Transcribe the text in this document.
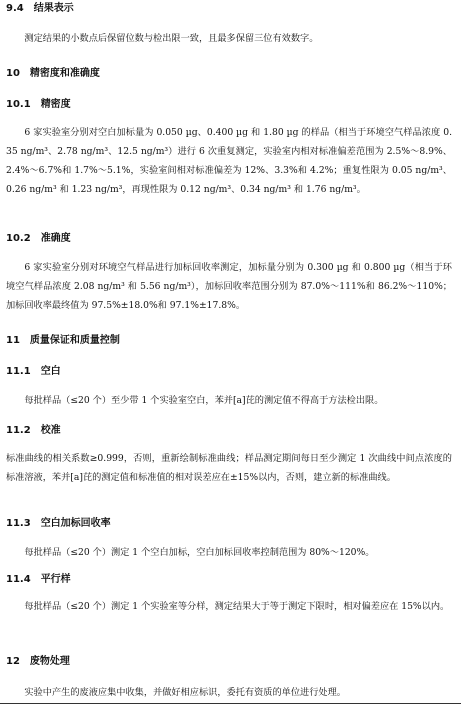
9.4 结果表示

测定结果的小数点后保留位数与检出限一致，且最多保留三位有效数字。

10 精密度和准确度
10.1 精密度

6 家实验室分别对空白加标量为 0.050 µg、0.400 µg 和 1.80 µg 的样品（相当于环境空气样品浓度 0.35 ng/m³、2.78 ng/m³、12.5 ng/m³）进行 6 次重复测定，实验室内相对标准偏差范围为 2.5%～8.9%、2.4%～6.7%和 1.7%～5.1%，实验室间相对标准偏差为 12%、3.3%和 4.2%；重复性限为 0.05 ng/m³、0.26 ng/m³ 和 1.23 ng/m³，再现性限为 0.12 ng/m³、0.34 ng/m³ 和 1.76 ng/m³。

10.2 准确度

6 家实验室分别对环境空气样品进行加标回收率测定，加标量分别为 0.300 µg 和 0.800 µg（相当于环境空气样品浓度 2.08 ng/m³ 和 5.56 ng/m³），加标回收率范围分别为 87.0%～111%和 86.2%～110%；加标回收率最终值为 97.5%±18.0%和 97.1%±17.8%。

11 质量保证和质量控制
11.1 空白

每批样品（≤20 个）至少带 1 个实验室空白，苯并[a]芘的测定值不得高于方法检出限。

11.2 校准

标准曲线的相关系数≥0.999，否则，重新绘制标准曲线；样品测定期间每日至少测定 1 次曲线中间点浓度的标准溶液，苯并[a]芘的测定值和标准值的相对误差应在±15%以内，否则，建立新的标准曲线。

11.3 空白加标回收率

每批样品（≤20 个）测定 1 个空白加标，空白加标回收率控制范围为 80%～120%。

11.4 平行样

每批样品（≤20 个）测定 1 个实验室等分样，测定结果大于等于测定下限时，相对偏差应在 15%以内。

12 废物处理

实验中产生的废液应集中收集，并做好相应标识，委托有资质的单位进行处理。
